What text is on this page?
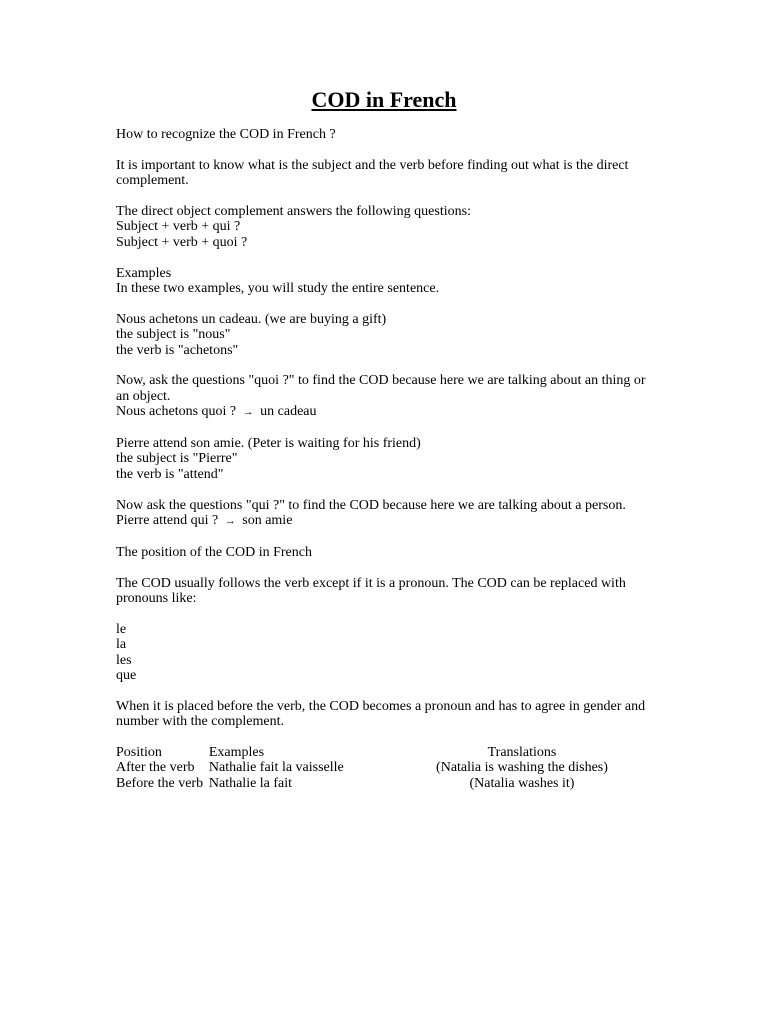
COD in French
How to recognize the COD in French ?
It is important to know what is the subject and the verb before finding out what is the direct complement.
The direct object complement answers the following questions:
Subject + verb + qui ?
Subject + verb + quoi ?
Examples
In these two examples, you will study the entire sentence.
Nous achetons un cadeau. (we are buying a gift)
the subject is "nous"
the verb is "achetons"
Now, ask the questions "quoi ?" to find the COD because here we are talking about an thing or an object.
Nous achetons quoi ? → un cadeau
Pierre attend son amie. (Peter is waiting for his friend)
the subject is "Pierre"
the verb is "attend"
Now ask the questions "qui ?" to find the COD because here we are talking about a person.
Pierre attend qui ? → son amie
The position of the COD in French
The COD usually follows the verb except if it is a pronoun. The COD can be replaced with pronouns like:
le
la
les
que
When it is placed before the verb, the COD becomes a pronoun and has to agree in gender and number with the complement.
Position	Examples	Translations
After the verb	Nathalie fait la vaisselle	(Natalia is washing the dishes)
Before the verb	Nathalie la fait	(Natalia washes it)
